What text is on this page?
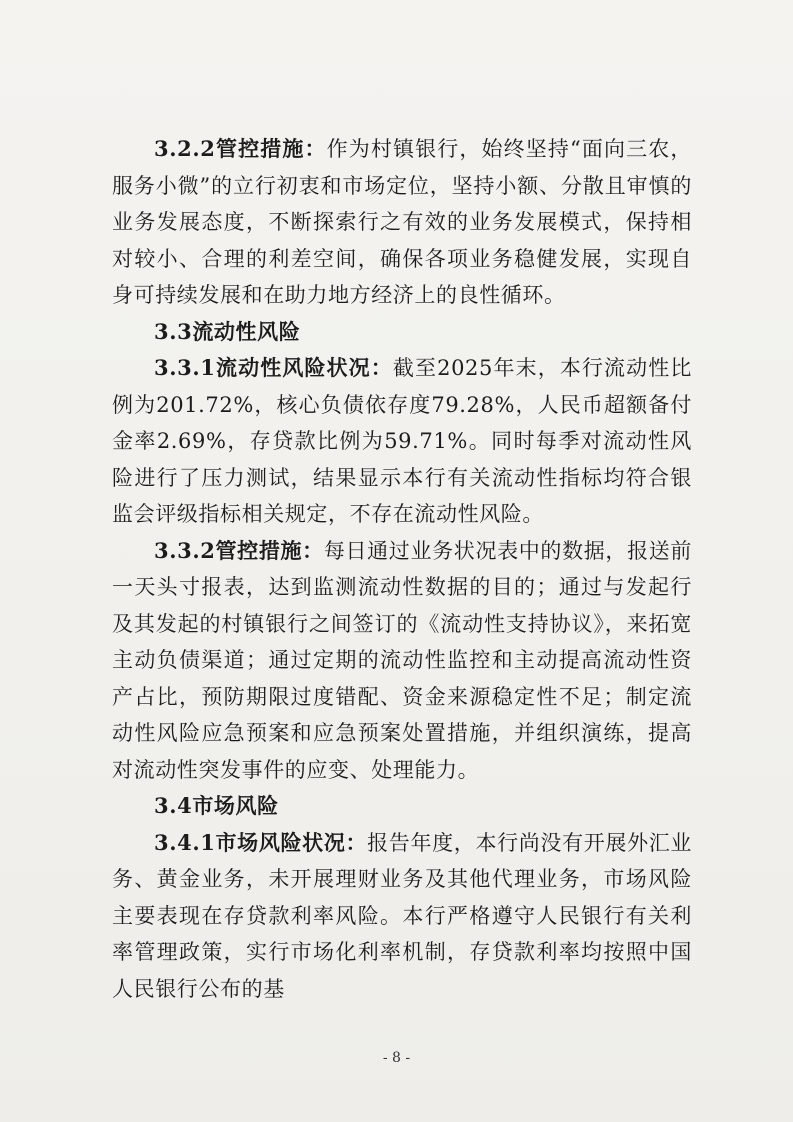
3.2.2管控措施：作为村镇银行，始终坚持“面向三农，服务小微”的立行初衷和市场定位，坚持小额、分散且审慎的业务发展态度，不断探索行之有效的业务发展模式，保持相对较小、合理的利差空间，确保各项业务稳健发展，实现自身可持续发展和在助力地方经济上的良性循环。

3.3流动性风险

3.3.1流动性风险状况：截至2025年末，本行流动性比例为201.72%，核心负债依存度79.28%，人民币超额备付金率2.69%，存贷款比例为59.71%。同时每季对流动性风险进行了压力测试，结果显示本行有关流动性指标均符合银监会评级指标相关规定，不存在流动性风险。

3.3.2管控措施：每日通过业务状况表中的数据，报送前一天头寸报表，达到监测流动性数据的目的；通过与发起行及其发起的村镇银行之间签订的《流动性支持协议》，来拓宽主动负债渠道；通过定期的流动性监控和主动提高流动性资产占比，预防期限过度错配、资金来源稳定性不足；制定流动性风险应急预案和应急预案处置措施，并组织演练，提高对流动性突发事件的应变、处理能力。

3.4市场风险

3.4.1市场风险状况：报告年度，本行尚没有开展外汇业务、黄金业务，未开展理财业务及其他代理业务，市场风险主要表现在存贷款利率风险。本行严格遵守人民银行有关利率管理政策，实行市场化利率机制，存贷款利率均按照中国人民银行公布的基

- 8 -
